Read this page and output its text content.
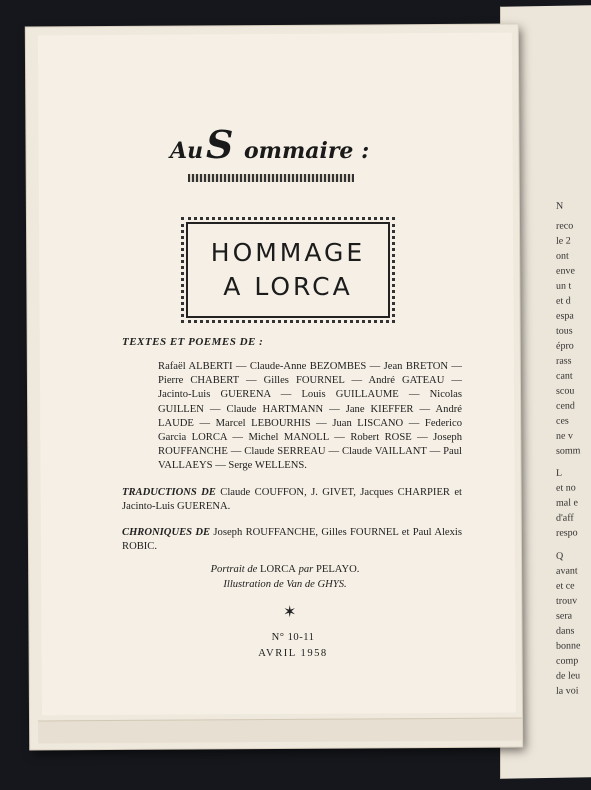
N
reco
le 2
ont
enve
un t
et d
espa
tous
épro
rass
cant
scou
cend
ces
ne v
somm
L
et no
mal e
d'aff
respo
Q
avant
et ce
trouv
sera
dans
bonne
comp
de leu
la voi
Au S ommaire :
HOMMAGE
A LORCA
TEXTES ET POEMES DE :
Rafaël ALBERTI — Claude-Anne BEZOMBES — Jean BRETON — Pierre CHABERT — Gilles FOURNEL — André GATEAU — Jacinto-Luis GUERENA — Louis GUILLAUME — Nicolas GUILLEN — Claude HARTMANN — Jane KIEFFER — André LAUDE — Marcel LEBOURHIS — Juan LISCANO — Federico Garcia LORCA — Michel MANOLL — Robert ROSE — Joseph ROUFFANCHE — Claude SERREAU — Claude VAILLANT — Paul VALLAEYS — Serge WELLENS.
TRADUCTIONS DE Claude COUFFON, J. GIVET, Jacques CHARPIER et Jacinto-Luis GUERENA.
CHRONIQUES DE Joseph ROUFFANCHE, Gilles FOURNEL et Paul Alexis ROBIC.
Portrait de LORCA par PELAYO.
Illustration de Van de GHYS.
✶
N° 10-11
AVRIL 1958
